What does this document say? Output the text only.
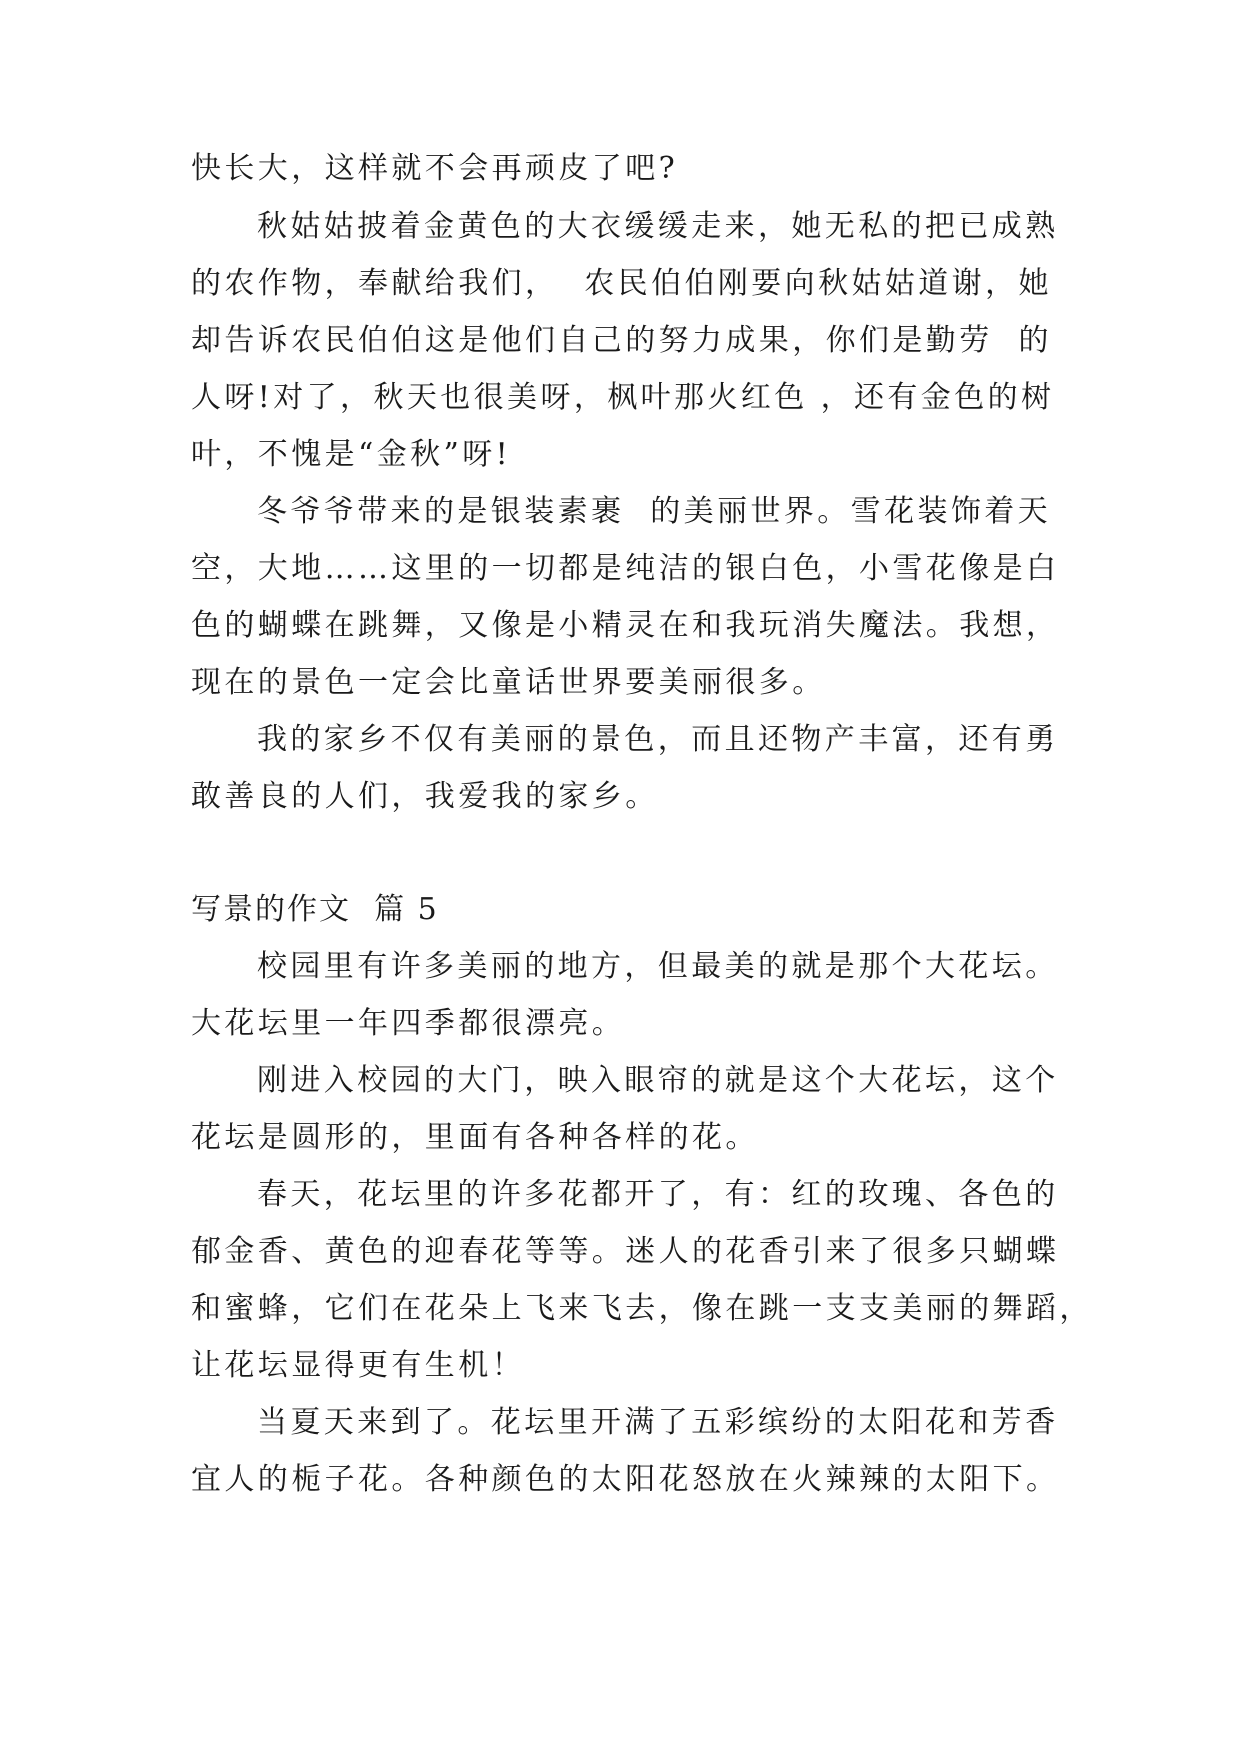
快长大，这样就不会再顽皮了吧?

秋姑姑披着金黄色的大衣缓缓走来，她无私的把已成熟

的农作物，奉献给我们，  农民伯伯刚要向秋姑姑道谢，她

却告诉农民伯伯这是他们自己的努力成果，你们是勤劳  的

人呀!对了，秋天也很美呀，枫叶那火红色 ，还有金色的树

叶，不愧是“金秋”呀!

冬爷爷带来的是银装素裹  的美丽世界。雪花装饰着天

空，大地……这里的一切都是纯洁的银白色，小雪花像是白

色的蝴蝶在跳舞，又像是小精灵在和我玩消失魔法。我想，

现在的景色一定会比童话世界要美丽很多。

我的家乡不仅有美丽的景色，而且还物产丰富，还有勇

敢善良的人们，我爱我的家乡。

写景的作文  篇 5

校园里有许多美丽的地方，但最美的就是那个大花坛。

大花坛里一年四季都很漂亮。

刚进入校园的大门，映入眼帘的就是这个大花坛，这个

花坛是圆形的，里面有各种各样的花。

春天，花坛里的许多花都开了，有：红的玫瑰、各色的

郁金香、黄色的迎春花等等。迷人的花香引来了很多只蝴蝶

和蜜蜂，它们在花朵上飞来飞去，像在跳一支支美丽的舞蹈，

让花坛显得更有生机！

当夏天来到了。花坛里开满了五彩缤纷的太阳花和芳香

宜人的栀子花。各种颜色的太阳花怒放在火辣辣的太阳下。
